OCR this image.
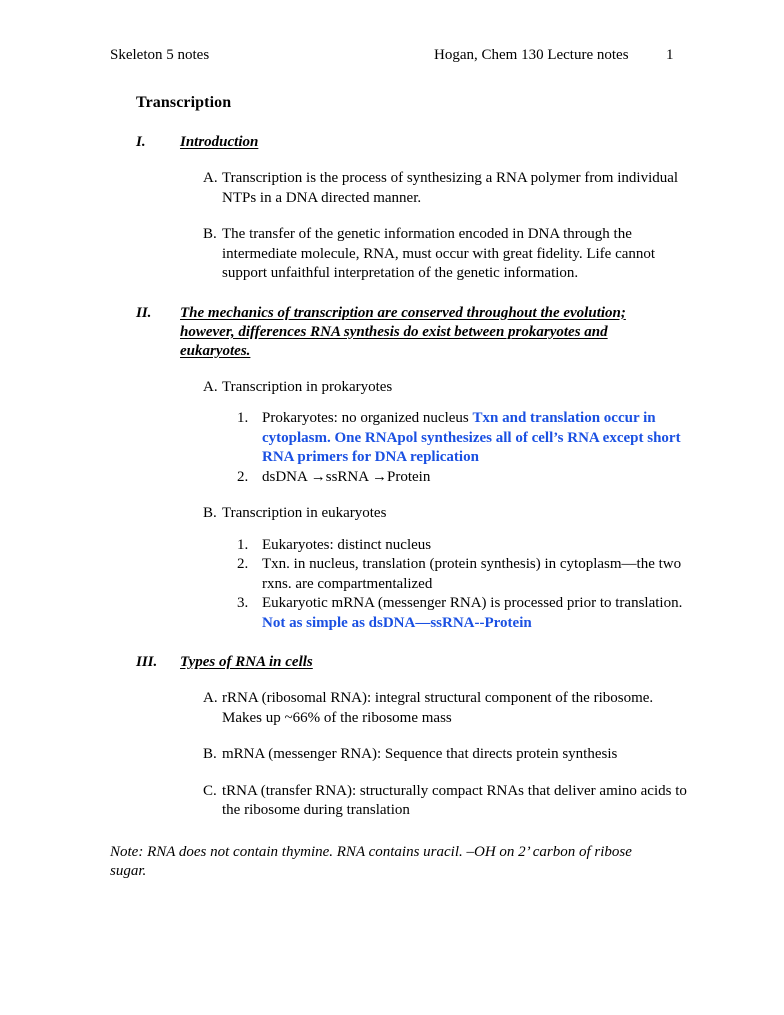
Skeleton 5 notes	Hogan, Chem 130 Lecture notes 1
Transcription
I. Introduction
A. Transcription is the process of synthesizing a RNA polymer from individual NTPs in a DNA directed manner.
B. The transfer of the genetic information encoded in DNA through the intermediate molecule, RNA, must occur with great fidelity. Life cannot support unfaithful interpretation of the genetic information.
II. The mechanics of transcription are conserved throughout the evolution;
however, differences RNA synthesis do exist between prokaryotes and
eukaryotes.
A. Transcription in prokaryotes
1. Prokaryotes: no organized nucleus Txn and translation occur in cytoplasm. One RNApol synthesizes all of cell’s RNA except short RNA primers for DNA replication
2. dsDNA →ssRNA →Protein
B. Transcription in eukaryotes
1. Eukaryotes: distinct nucleus
2. Txn. in nucleus, translation (protein synthesis) in cytoplasm—the two rxns. are compartmentalized
3. Eukaryotic mRNA (messenger RNA) is processed prior to translation. Not as simple as dsDNA—ssRNA--Protein
III. Types of RNA in cells
A. rRNA (ribosomal RNA): integral structural component of the ribosome. Makes up ~66% of the ribosome mass
B. mRNA (messenger RNA): Sequence that directs protein synthesis
C. tRNA (transfer RNA): structurally compact RNAs that deliver amino acids to the ribosome during translation
Note: RNA does not contain thymine. RNA contains uracil. –OH on 2’ carbon of ribose sugar.
